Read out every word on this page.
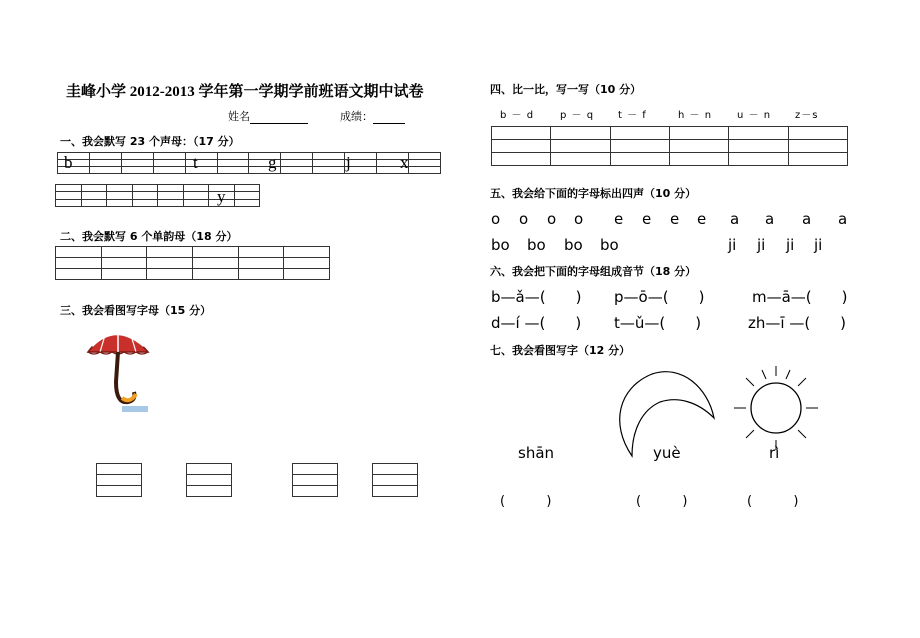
圭峰小学 2012-2013 学年第一学期学前班语文期中试卷
姓名	成绩：
一、我会默写 23 个声母：（17 分）

b	t	g	j	x

y
二、我会默写 6 个单韵母（18 分）

三、我会看图写字母（15 分）

四、比一比，写一写（10 分）
b － d	p － q t － f	h － n u － n z－s

五、我会给下面的字母标出四声（10 分）
o o o o e e e e a a a a
bo bo bo bo	ji ji ji ji
六、我会把下面的字母组成音节（18 分）
b—ǎ—( ) p—ō—( )	m—ā—( )
d—í —( ) t—ǔ—( )	zh—ī —( )
七、我会看图写字（12 分）
shān	yuè	rì
(          )	(          )	(          )
